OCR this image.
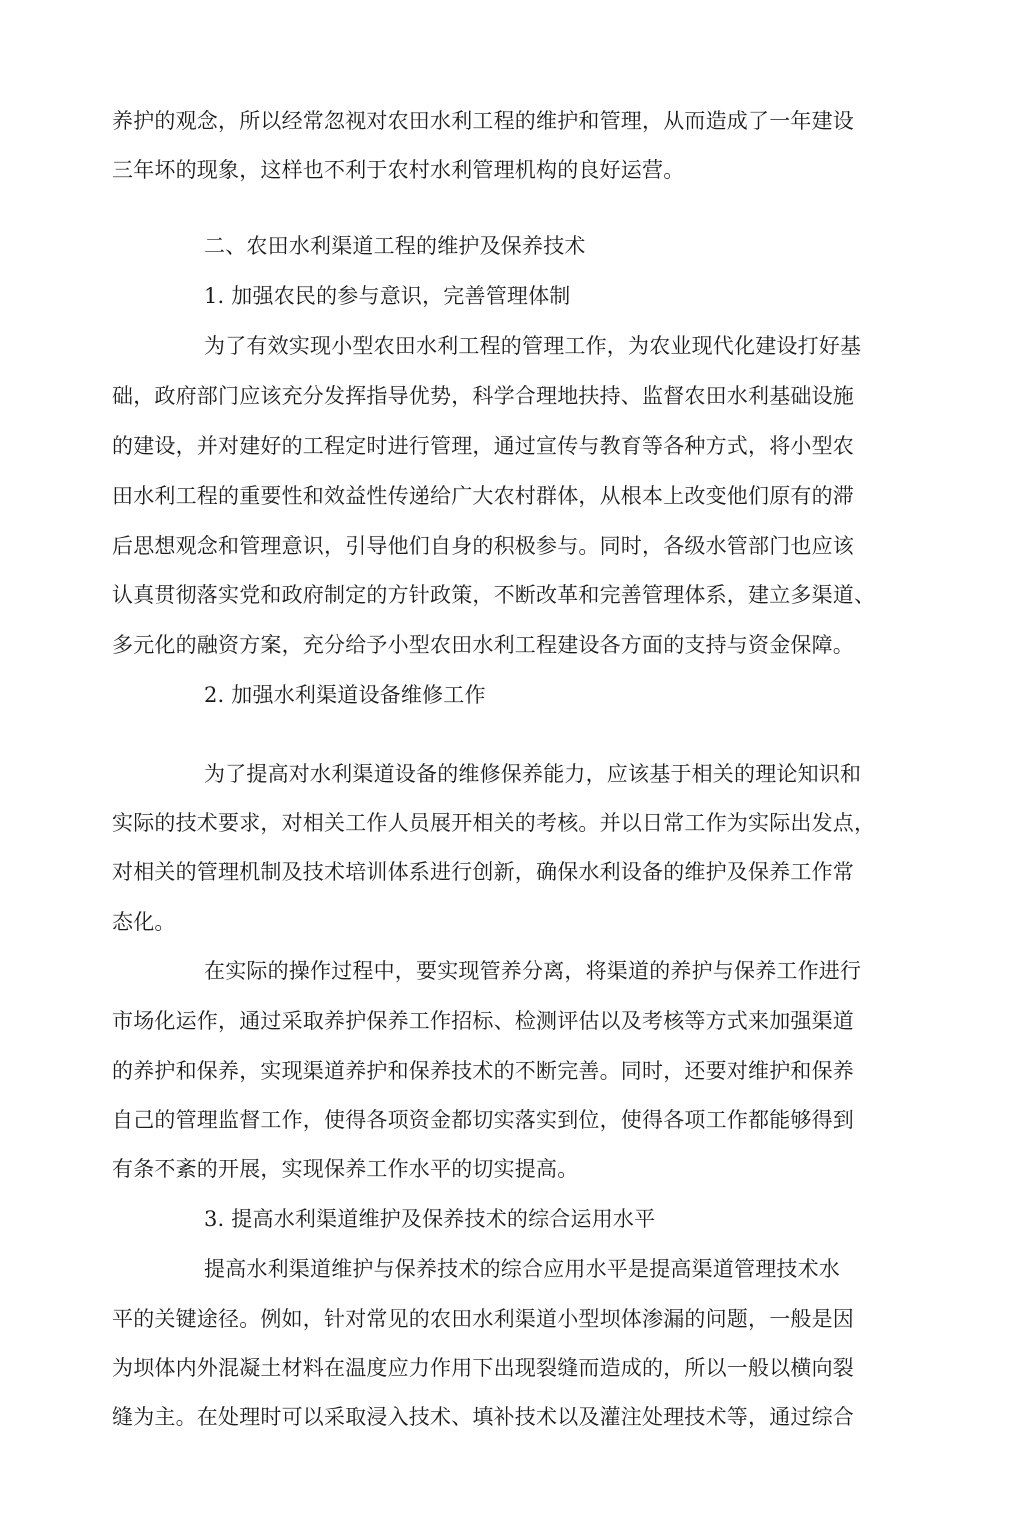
养护的观念，所以经常忽视对农田水利工程的维护和管理，从而造成了一年建设
三年坏的现象，这样也不利于农村水利管理机构的良好运营。
二、农田水利渠道工程的维护及保养技术
1. 加强农民的参与意识，完善管理体制
为了有效实现小型农田水利工程的管理工作，为农业现代化建设打好基
础，政府部门应该充分发挥指导优势，科学合理地扶持、监督农田水利基础设施
的建设，并对建好的工程定时进行管理，通过宣传与教育等各种方式，将小型农
田水利工程的重要性和效益性传递给广大农村群体，从根本上改变他们原有的滞
后思想观念和管理意识，引导他们自身的积极参与。同时，各级水管部门也应该
认真贯彻落实党和政府制定的方针政策，不断改革和完善管理体系，建立多渠道、
多元化的融资方案，充分给予小型农田水利工程建设各方面的支持与资金保障。
2. 加强水利渠道设备维修工作
为了提高对水利渠道设备的维修保养能力，应该基于相关的理论知识和
实际的技术要求，对相关工作人员展开相关的考核。并以日常工作为实际出发点，
对相关的管理机制及技术培训体系进行创新，确保水利设备的维护及保养工作常
态化。
在实际的操作过程中，要实现管养分离，将渠道的养护与保养工作进行
市场化运作，通过采取养护保养工作招标、检测评估以及考核等方式来加强渠道
的养护和保养，实现渠道养护和保养技术的不断完善。同时，还要对维护和保养
自己的管理监督工作，使得各项资金都切实落实到位，使得各项工作都能够得到
有条不紊的开展，实现保养工作水平的切实提高。
3. 提高水利渠道维护及保养技术的综合运用水平
提高水利渠道维护与保养技术的综合应用水平是提高渠道管理技术水
平的关键途径。例如，针对常见的农田水利渠道小型坝体渗漏的问题，一般是因
为坝体内外混凝土材料在温度应力作用下出现裂缝而造成的，所以一般以横向裂
缝为主。在处理时可以采取浸入技术、填补技术以及灌注处理技术等，通过综合
